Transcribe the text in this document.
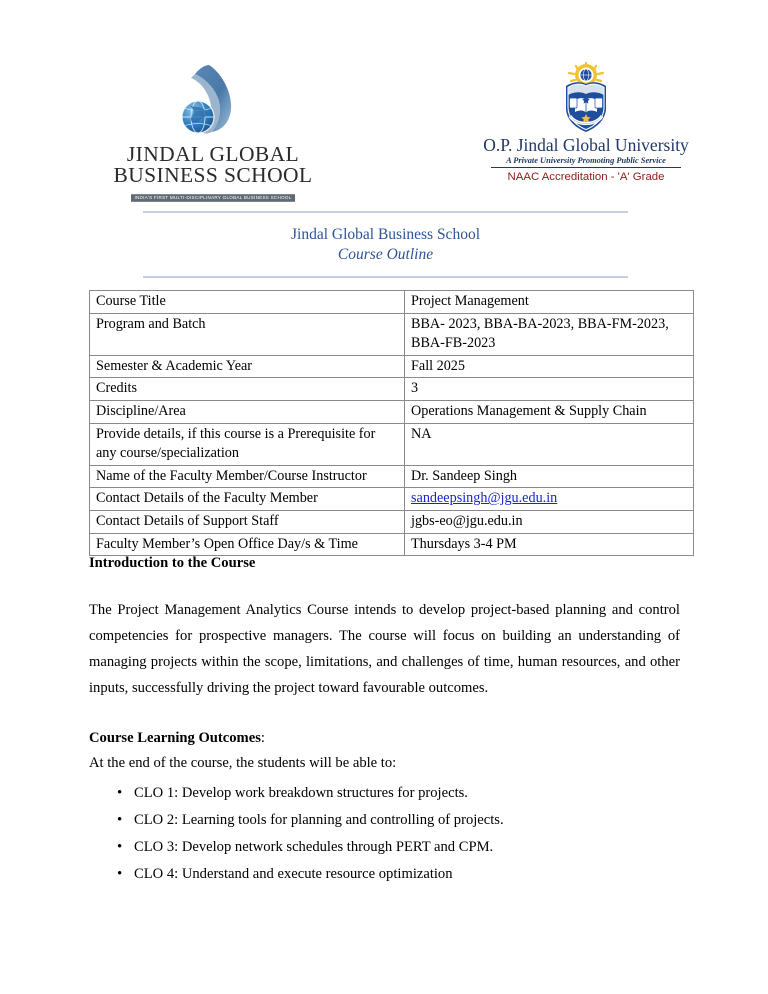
JINDAL GLOBAL
BUSINESS SCHOOL
INDIA'S FIRST MULTI-DISCIPLINARY GLOBAL BUSINESS SCHOOL
O.P. Jindal Global University
A Private University Promoting Public Service
NAAC Accreditation - 'A' Grade
Jindal Global Business School
Course Outline
Course Title	Project Management
Program and Batch	BBA- 2023, BBA-BA-2023, BBA-FM-2023, BBA-FB-2023
Semester & Academic Year	Fall 2025
Credits	3
Discipline/Area	Operations Management & Supply Chain
Provide details, if this course is a Prerequisite for any course/specialization	NA
Name of the Faculty Member/Course Instructor	Dr. Sandeep Singh
Contact Details of the Faculty Member	sandeepsingh@jgu.edu.in
Contact Details of Support Staff	jgbs-eo@jgu.edu.in
Faculty Member’s Open Office Day/s & Time	Thursdays 3-4 PM
Introduction to the Course
The Project Management Analytics Course intends to develop project-based planning and control competencies for prospective managers. The course will focus on building an understanding of managing projects within the scope, limitations, and challenges of time, human resources, and other inputs, successfully driving the project toward favourable outcomes.
Course Learning Outcomes:
At the end of the course, the students will be able to:
• CLO 1: Develop work breakdown structures for projects.
• CLO 2: Learning tools for planning and controlling of projects.
• CLO 3: Develop network schedules through PERT and CPM.
• CLO 4: Understand and execute resource optimization
